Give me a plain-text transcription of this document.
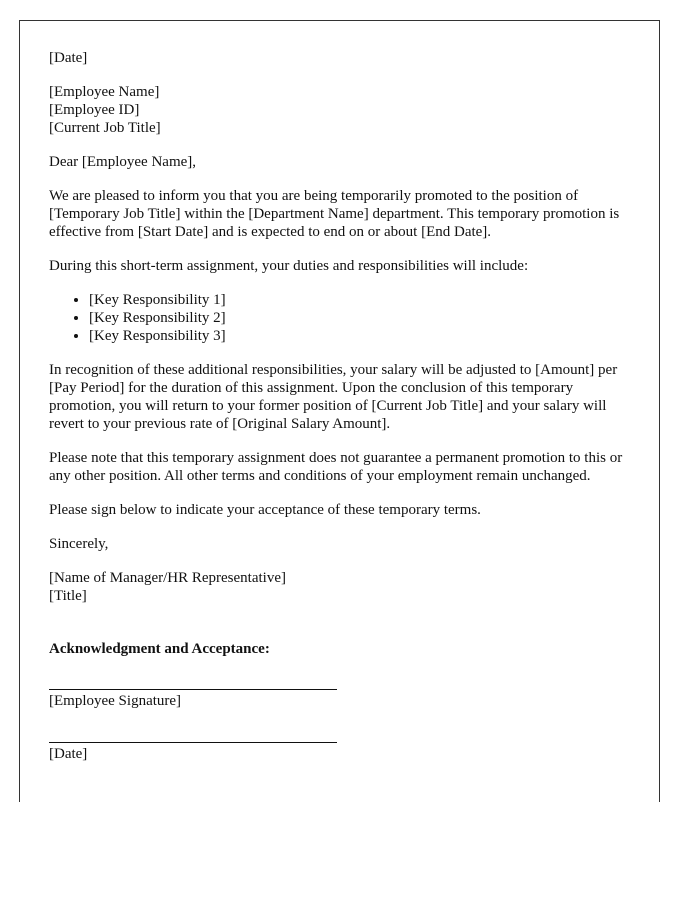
[Date]

[Employee Name]
[Employee ID]
[Current Job Title]

Dear [Employee Name],

We are pleased to inform you that you are being temporarily promoted to the position of [Temporary Job Title] within the [Department Name] department. This temporary promotion is effective from [Start Date] and is expected to end on or about [End Date].

During this short-term assignment, your duties and responsibilities will include:

• [Key Responsibility 1]
• [Key Responsibility 2]
• [Key Responsibility 3]

In recognition of these additional responsibilities, your salary will be adjusted to [Amount] per [Pay Period] for the duration of this assignment. Upon the conclusion of this temporary promotion, you will return to your former position of [Current Job Title] and your salary will revert to your previous rate of [Original Salary Amount].

Please note that this temporary assignment does not guarantee a permanent promotion to this or any other position. All other terms and conditions of your employment remain unchanged.

Please sign below to indicate your acceptance of these temporary terms.

Sincerely,

[Name of Manager/HR Representative]
[Title]
Acknowledgment and Acceptance:
[Employee Signature]
[Date]
